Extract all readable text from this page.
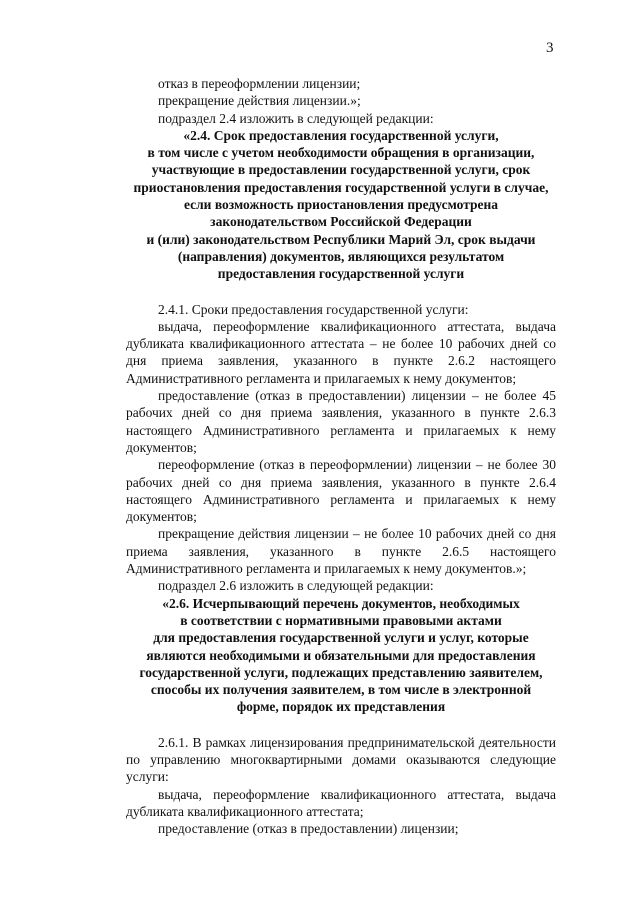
3

отказ в переоформлении лицензии;

прекращение действия лицензии.»;

подраздел 2.4 изложить в следующей редакции:

«2.4. Срок предоставления государственной услуги,
в том числе с учетом необходимости обращения в организации,
участвующие в предоставлении государственной услуги, срок
приостановления предоставления государственной услуги в случае,
если возможность приостановления предусмотрена
законодательством Российской Федерации
и (или) законодательством Республики Марий Эл, срок выдачи
(направления) документов, являющихся результатом
предоставления государственной услуги

2.4.1. Сроки предоставления государственной услуги:

выдача, переоформление квалификационного аттестата, выдача дубликата квалификационного аттестата – не более 10 рабочих дней со дня приема заявления, указанного в пункте 2.6.2 настоящего Административного регламента и прилагаемых к нему документов;

предоставление (отказ в предоставлении) лицензии – не более 45 рабочих дней со дня приема заявления, указанного в пункте 2.6.3 настоящего Административного регламента и прилагаемых к нему документов;

переоформление (отказ в переоформлении) лицензии – не более 30 рабочих дней со дня приема заявления, указанного в пункте 2.6.4 настоящего Административного регламента и прилагаемых к нему документов;

прекращение действия лицензии – не более 10 рабочих дней со дня приема заявления, указанного в пункте 2.6.5 настоящего Административного регламента и прилагаемых к нему документов.»;

подраздел 2.6 изложить в следующей редакции:

«2.6. Исчерпывающий перечень документов, необходимых
в соответствии с нормативными правовыми актами
для предоставления государственной услуги и услуг, которые
являются необходимыми и обязательными для предоставления
государственной услуги, подлежащих представлению заявителем,
способы их получения заявителем, в том числе в электронной
форме, порядок их представления

2.6.1. В рамках лицензирования предпринимательской деятельности по управлению многоквартирными домами оказываются следующие услуги:

выдача, переоформление квалификационного аттестата, выдача дубликата квалификационного аттестата;

предоставление (отказ в предоставлении) лицензии;
